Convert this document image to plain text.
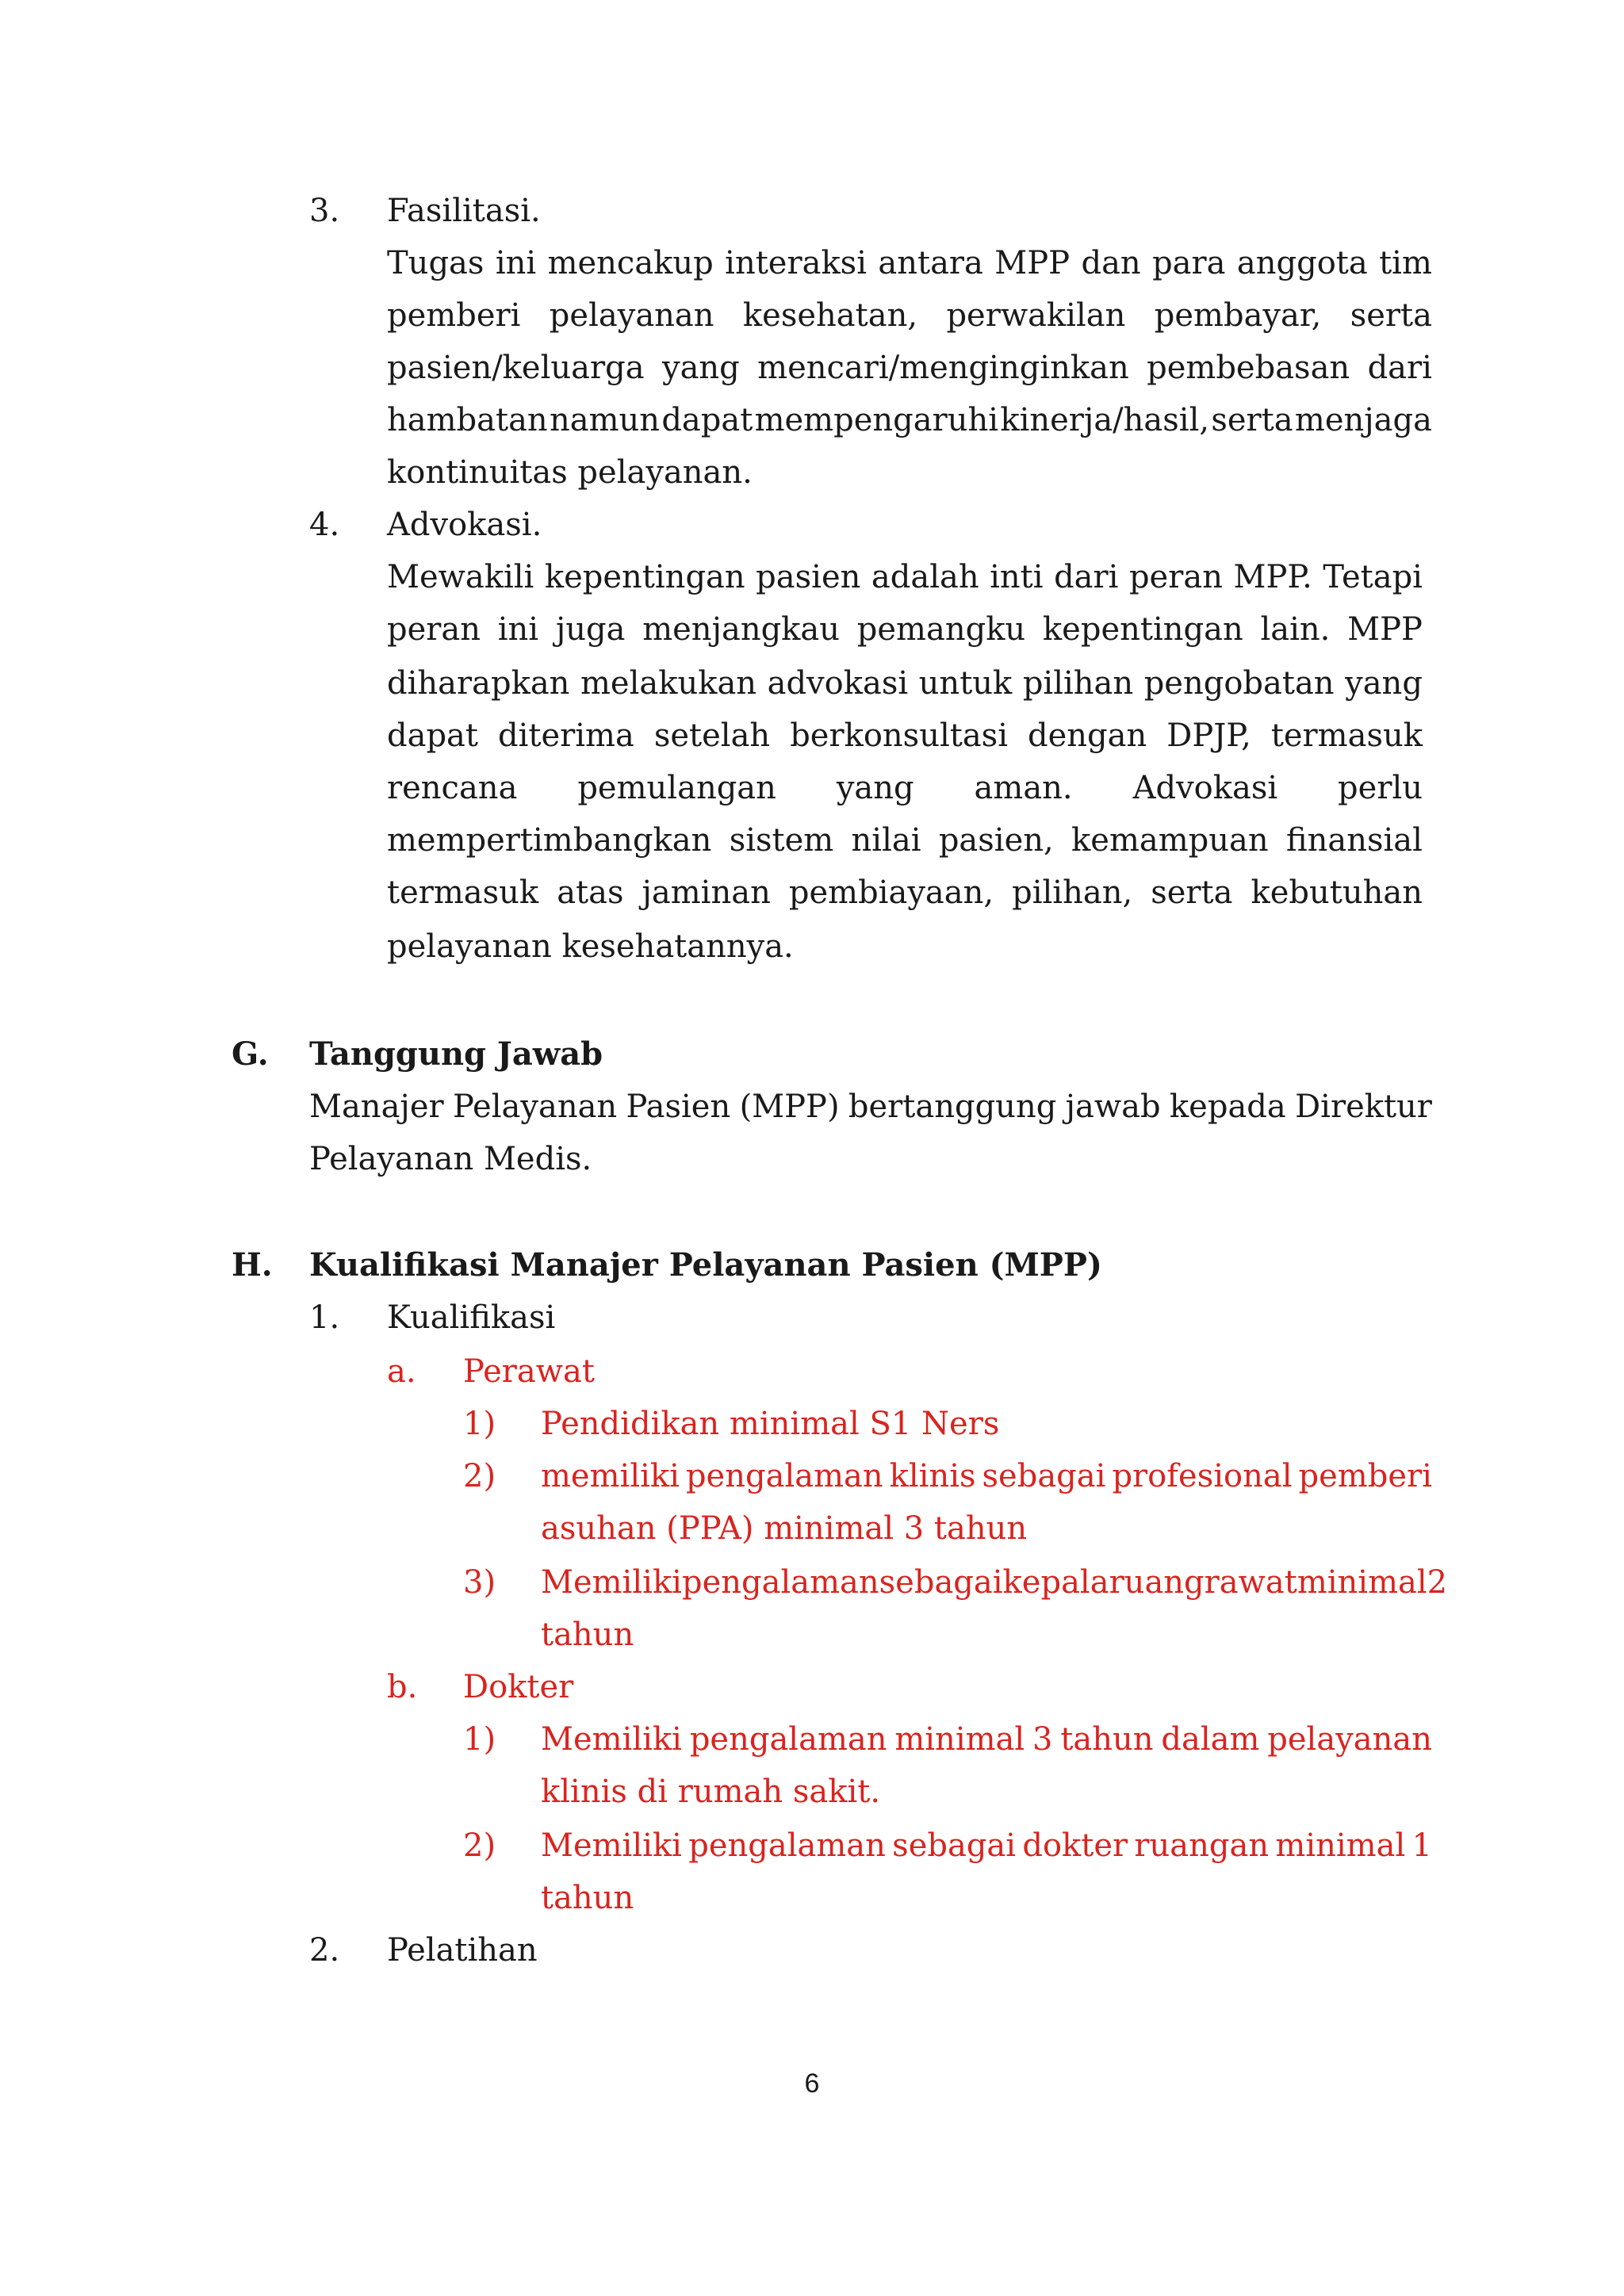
3. Fasilitasi.
Tugas ini mencakup interaksi antara MPP dan para anggota tim
pemberi pelayanan kesehatan, perwakilan pembayar, serta
pasien/keluarga yang mencari/menginginkan pembebasan dari
hambatan namun dapat mempengaruhi kinerja/hasil, serta menjaga
kontinuitas pelayanan.
4. Advokasi.
Mewakili kepentingan pasien adalah inti dari peran MPP. Tetapi
peran ini juga menjangkau pemangku kepentingan lain. MPP
diharapkan melakukan advokasi untuk pilihan pengobatan yang
dapat diterima setelah berkonsultasi dengan DPJP, termasuk
rencana pemulangan yang aman. Advokasi perlu
mempertimbangkan sistem nilai pasien, kemampuan finansial
termasuk atas jaminan pembiayaan, pilihan, serta kebutuhan
pelayanan kesehatannya.
G. Tanggung Jawab
Manajer Pelayanan Pasien (MPP) bertanggung jawab kepada Direktur
Pelayanan Medis.
H. Kualifikasi Manajer Pelayanan Pasien (MPP)
1. Kualifikasi
a. Perawat
1) Pendidikan minimal S1 Ners
2) memiliki pengalaman klinis sebagai profesional pemberi
asuhan (PPA) minimal 3 tahun
3) Memiliki pengalaman sebagai kepala ruang rawat minimal 2
tahun
b. Dokter
1) Memiliki pengalaman minimal 3 tahun dalam pelayanan
klinis di rumah sakit.
2) Memiliki pengalaman sebagai dokter ruangan minimal 1
tahun
2. Pelatihan
6
